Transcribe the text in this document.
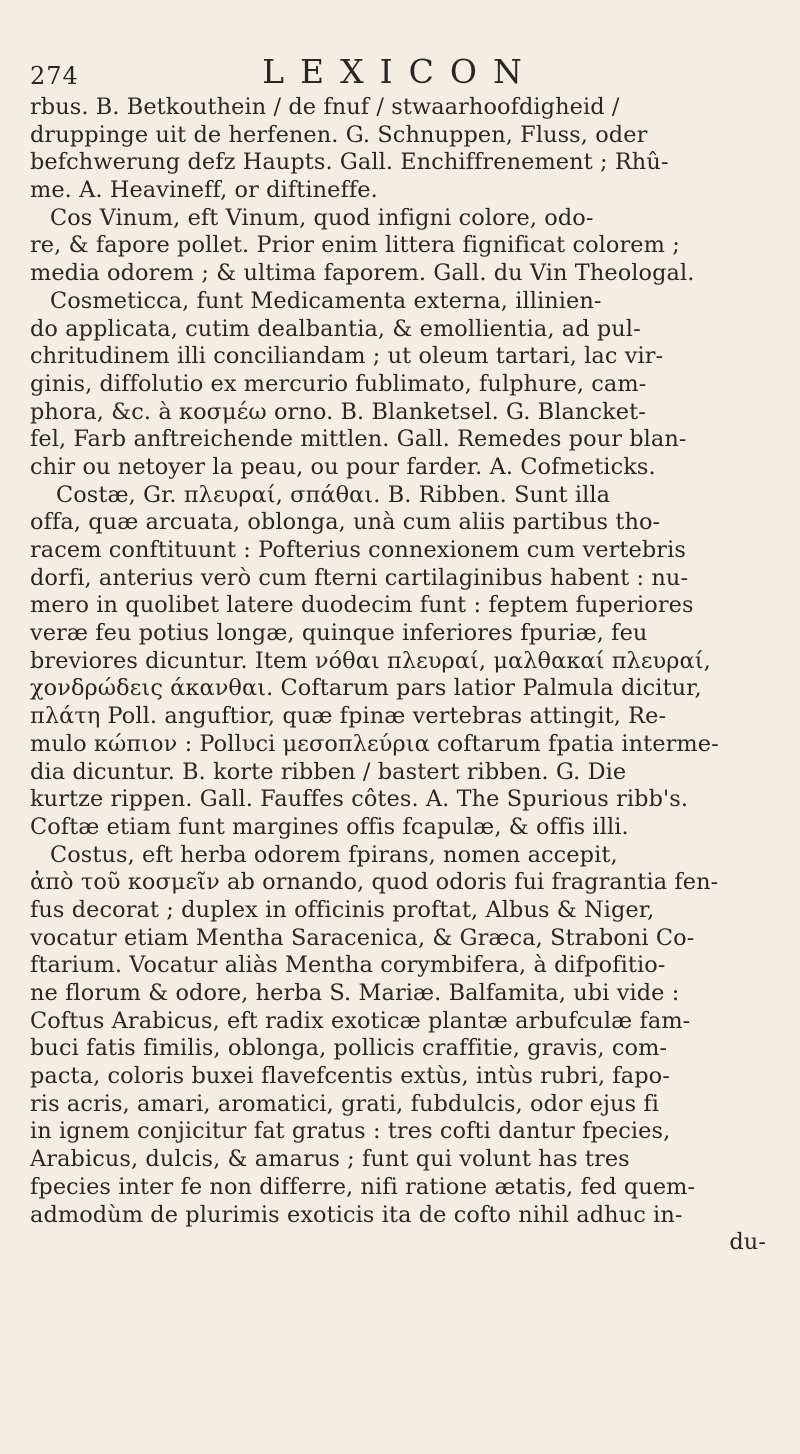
274	LEXICON
rbus. B. Betkouthein / de fnuf / stwaarhoofdigheid /
druppinge uit de herfenen. G. Schnuppen, Fluss, oder
befchwerung defz Haupts. Gall. Enchiffrenement ; Rhû-
me. A. Heavineff, or diftineffe.
Cos Vinum, eft Vinum, quod infigni colore, odo-
re, & fapore pollet. Prior enim littera fignificat colorem ;
media odorem ; & ultima faporem. Gall. du Vin Theologal.
Cosmeticca, funt Medicamenta externa, illinien-
do applicata, cutim dealbantia, & emollientia, ad pul-
chritudinem illi conciliandam ; ut oleum tartari, lac vir-
ginis, diffolutio ex mercurio fublimato, fulphure, cam-
phora, &c. à κοσμέω orno. B. Blanketsel. G. Blancket-
fel, Farb anftreichende mittlen. Gall. Remedes pour blan-
chir ou netoyer la peau, ou pour farder. A. Cofmeticks.
Costæ, Gr. πλευραί, σπάθαι. B. Ribben. Sunt illa
offa, quæ arcuata, oblonga, unà cum aliis partibus tho-
racem conftituunt : Pofterius connexionem cum vertebris
dorfi, anterius verò cum fterni cartilaginibus habent : nu-
mero in quolibet latere duodecim funt : feptem fuperiores
veræ feu potius longæ, quinque inferiores fpuriæ, feu
breviores dicuntur. Item νόθαι πλευραί, μαλθακαί πλευραί,
χονδρώδεις άκανθαι. Coftarum pars latior Palmula dicitur,
πλάτη Poll. anguftior, quæ fpinæ vertebras attingit, Re-
mulo κώπιον : Pollυci μεσοπλεύρια coftarum fpatia interme-
dia dicuntur. B. korte ribben / bastert ribben. G. Die
kurtze rippen. Gall. Fauffes côtes. A. The Spurious ribb's.
Coftæ etiam funt margines offis fcapulæ, & offis illi.
Costus, eft herba odorem fpirans, nomen accepit,
ἀπὸ τοῦ κοσμεῖν ab ornando, quod odoris fui fragrantia fen-
fus decorat ; duplex in officinis proftat, Albus & Niger,
vocatur etiam Mentha Saracenica, & Græca, Straboni Co-
ftarium. Vocatur aliàs Mentha corymbifera, à difpofitio-
ne florum & odore, herba S. Mariæ. Balfamita, ubi vide :
Coftus Arabicus, eft radix exoticæ plantæ arbufculæ fam-
buci fatis fimilis, oblonga, pollicis craffitie, gravis, com-
pacta, coloris buxei flavefcentis extùs, intùs rubri, fapo-
ris acris, amari, aromatici, grati, fubdulcis, odor ejus fi
in ignem conjicitur fat gratus : tres cofti dantur fpecies,
Arabicus, dulcis, & amarus ; funt qui volunt has tres
fpecies inter fe non differre, nifi ratione ætatis, fed quem-
admodùm de plurimis exoticis ita de cofto nihil adhuc in-
du-
